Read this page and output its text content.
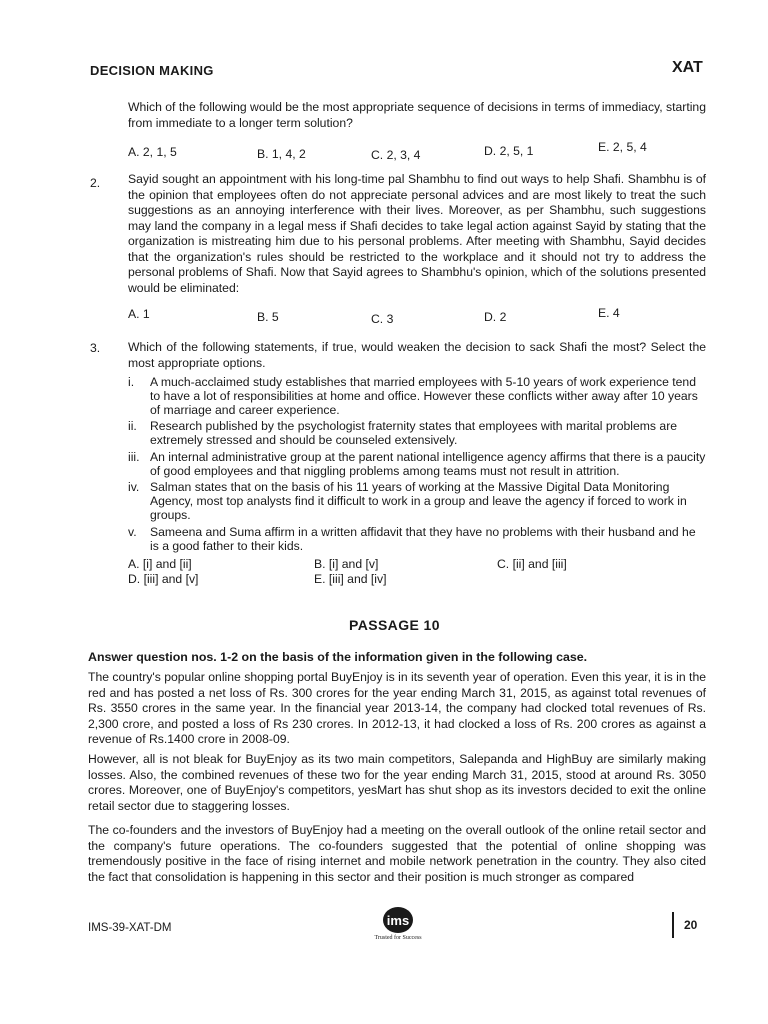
DECISION MAKING	XAT
Which of the following would be the most appropriate sequence of decisions in terms of immediacy, starting from immediate to a longer term solution?
A. 2, 1, 5	B. 1, 4, 2	C. 2, 3, 4	D. 2, 5, 1	E. 2, 5, 4
2. Sayid sought an appointment with his long-time pal Shambhu to find out ways to help Shafi. Shambhu is of the opinion that employees often do not appreciate personal advices and are most likely to treat the such suggestions as an annoying interference with their lives. Moreover, as per Shambhu, such suggestions may land the company in a legal mess if Shafi decides to take legal action against Sayid by stating that the organization is mistreating him due to his personal problems. After meeting with Shambhu, Sayid decides that the organization's rules should be restricted to the workplace and it should not try to address the personal problems of Shafi. Now that Sayid agrees to Shambhu's opinion, which of the solutions presented would be eliminated:
A. 1	B. 5	C. 3	D. 2	E. 4
3. Which of the following statements, if true, would weaken the decision to sack Shafi the most? Select the most appropriate options.
i. A much-acclaimed study establishes that married employees with 5-10 years of work experience tend to have a lot of responsibilities at home and office. However these conflicts wither away after 10 years of marriage and career experience.
ii. Research published by the psychologist fraternity states that employees with marital problems are extremely stressed and should be counseled extensively.
iii. An internal administrative group at the parent national intelligence agency affirms that there is a paucity of good employees and that niggling problems among teams must not result in attrition.
iv. Salman states that on the basis of his 11 years of working at the Massive Digital Data Monitoring Agency, most top analysts find it difficult to work in a group and leave the agency if forced to work in groups.
v. Sameena and Suma affirm in a written affidavit that they have no problems with their husband and he is a good father to their kids.
A. [i] and [ii]	B. [i] and [v]	C. [ii] and [iii]
D. [iii] and [v]	E. [iii] and [iv]
PASSAGE 10
Answer question nos. 1-2 on the basis of the information given in the following case.
The country's popular online shopping portal BuyEnjoy is in its seventh year of operation. Even this year, it is in the red and has posted a net loss of Rs. 300 crores for the year ending March 31, 2015, as against total revenues of Rs. 3550 crores in the same year. In the financial year 2013-14, the company had clocked total revenues of Rs. 2,300 crore, and posted a loss of Rs 230 crores. In 2012-13, it had clocked a loss of Rs. 200 crores as against a revenue of Rs.1400 crore in 2008-09.
However, all is not bleak for BuyEnjoy as its two main competitors, Salepanda and HighBuy are similarly making losses. Also, the combined revenues of these two for the year ending March 31, 2015, stood at around Rs. 3050 crores. Moreover, one of BuyEnjoy's competitors, yesMart has shut shop as its investors decided to exit the online retail sector due to staggering losses.
The co-founders and the investors of BuyEnjoy had a meeting on the overall outlook of the online retail sector and the company's future operations. The co-founders suggested that the potential of online shopping was tremendously positive in the face of rising internet and mobile network penetration in the country. They also cited the fact that consolidation is happening in this sector and their position is much stronger as compared
IMS-39-XAT-DM	ims
Trusted for Success
20
